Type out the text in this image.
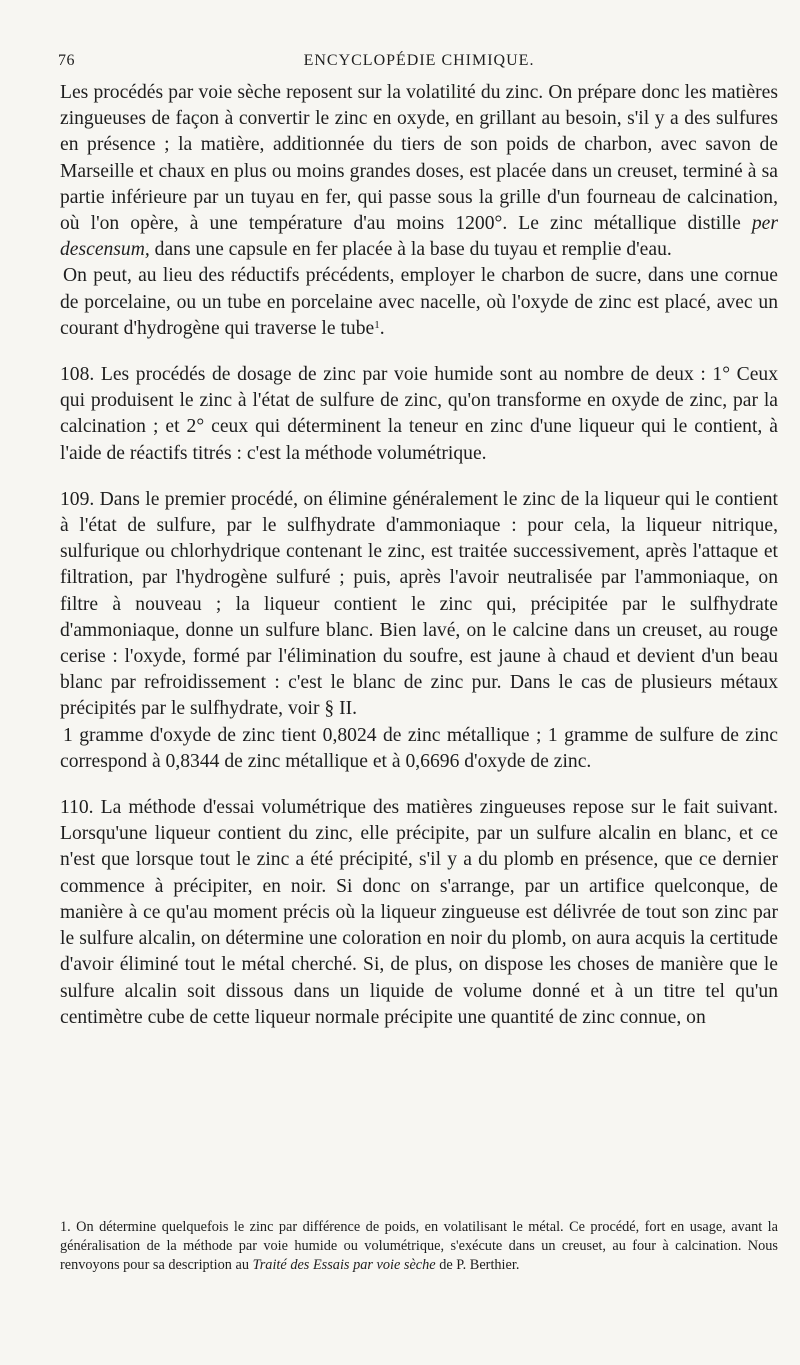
76	ENCYCLOPÉDIE CHIMIQUE.

Les procédés par voie sèche reposent sur la volatilité du zinc. On prépare donc les matières zingueuses de façon à convertir le zinc en oxyde, en grillant au besoin, s'il y a des sulfures en présence ; la matière, additionnée du tiers de son poids de charbon, avec savon de Marseille et chaux en plus ou moins grandes doses, est placée dans un creuset, terminé à sa partie inférieure par un tuyau en fer, qui passe sous la grille d'un fourneau de calcination, où l'on opère, à une température d'au moins 1200°. Le zinc métallique distille per descensum, dans une capsule en fer placée à la base du tuyau et remplie d'eau.

On peut, au lieu des réductifs précédents, employer le charbon de sucre, dans une cornue de porcelaine, ou un tube en porcelaine avec nacelle, où l'oxyde de zinc est placé, avec un courant d'hydrogène qui traverse le tube$^1$.

108. Les procédés de dosage de zinc par voie humide sont au nombre de deux : 1° Ceux qui produisent le zinc à l'état de sulfure de zinc, qu'on transforme en oxyde de zinc, par la calcination ; et 2° ceux qui déterminent la teneur en zinc d'une liqueur qui le contient, à l'aide de réactifs titrés : c'est la méthode volumétrique.

109. Dans le premier procédé, on élimine généralement le zinc de la liqueur qui le contient à l'état de sulfure, par le sulfhydrate d'ammoniaque : pour cela, la liqueur nitrique, sulfurique ou chlorhydrique contenant le zinc, est traitée successivement, après l'attaque et filtration, par l'hydrogène sulfuré ; puis, après l'avoir neutralisée par l'ammoniaque, on filtre à nouveau ; la liqueur contient le zinc qui, précipitée par le sulfhydrate d'ammoniaque, donne un sulfure blanc. Bien lavé, on le calcine dans un creuset, au rouge cerise : l'oxyde, formé par l'élimination du soufre, est jaune à chaud et devient d'un beau blanc par refroidissement : c'est le blanc de zinc pur. Dans le cas de plusieurs métaux précipités par le sulfhydrate, voir § II.

1 gramme d'oxyde de zinc tient 0,8024 de zinc métallique ; 1 gramme de sulfure de zinc correspond à 0,8344 de zinc métallique et à 0,6696 d'oxyde de zinc.

110. La méthode d'essai volumétrique des matières zingueuses repose sur le fait suivant. Lorsqu'une liqueur contient du zinc, elle précipite, par un sulfure alcalin en blanc, et ce n'est que lorsque tout le zinc a été précipité, s'il y a du plomb en présence, que ce dernier commence à précipiter, en noir. Si donc on s'arrange, par un artifice quelconque, de manière à ce qu'au moment précis où la liqueur zingueuse est délivrée de tout son zinc par le sulfure alcalin, on détermine une coloration en noir du plomb, on aura acquis la certitude d'avoir éliminé tout le métal cherché. Si, de plus, on dispose les choses de manière que le sulfure alcalin soit dissous dans un liquide de volume donné et à un titre tel qu'un centimètre cube de cette liqueur normale précipite une quantité de zinc connue, on

1. On détermine quelquefois le zinc par différence de poids, en volatilisant le métal. Ce procédé, fort en usage, avant la généralisation de la méthode par voie humide ou volumétrique, s'exécute dans un creuset, au four à calcination. Nous renvoyons pour sa description au Traité des Essais par voie sèche de P. Berthier.
